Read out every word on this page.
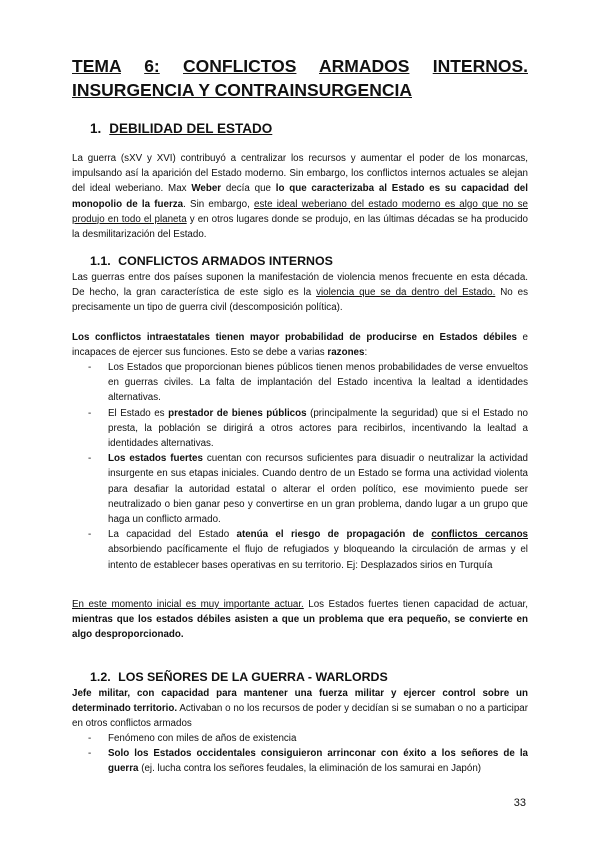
TEMA 6: CONFLICTOS ARMADOS INTERNOS.
INSURGENCIA Y CONTRAINSURGENCIA
1. DEBILIDAD DEL ESTADO
La guerra (sXV y XVI) contribuyó a centralizar los recursos y aumentar el poder de los monarcas, impulsando así la aparición del Estado moderno. Sin embargo, los conflictos internos actuales se alejan del ideal weberiano. Max Weber decía que lo que caracterizaba al Estado es su capacidad del monopolio de la fuerza. Sin embargo, este ideal weberiano del estado moderno es algo que no se produjo en todo el planeta y en otros lugares donde se produjo, en las últimas décadas se ha producido la desmilitarización del Estado.
1.1. CONFLICTOS ARMADOS INTERNOS
Las guerras entre dos países suponen la manifestación de violencia menos frecuente en esta década. De hecho, la gran característica de este siglo es la violencia que se da dentro del Estado. No es precisamente un tipo de guerra civil (descomposición política).
Los conflictos intraestatales tienen mayor probabilidad de producirse en Estados débiles e incapaces de ejercer sus funciones. Esto se debe a varias razones:
- Los Estados que proporcionan bienes públicos tienen menos probabilidades de verse envueltos en guerras civiles. La falta de implantación del Estado incentiva la lealtad a identidades alternativas.
- El Estado es prestador de bienes públicos (principalmente la seguridad) que si el Estado no presta, la población se dirigirá a otros actores para recibirlos, incentivando la lealtad a identidades alternativas.
- Los estados fuertes cuentan con recursos suficientes para disuadir o neutralizar la actividad insurgente en sus etapas iniciales. Cuando dentro de un Estado se forma una actividad violenta para desafiar la autoridad estatal o alterar el orden político, ese movimiento puede ser neutralizado o bien ganar peso y convertirse en un gran problema, dando lugar a un grupo que haga un conflicto armado.
- La capacidad del Estado atenúa el riesgo de propagación de conflictos cercanos absorbiendo pacíficamente el flujo de refugiados y bloqueando la circulación de armas y el intento de establecer bases operativas en su territorio. Ej: Desplazados sirios en Turquía
En este momento inicial es muy importante actuar. Los Estados fuertes tienen capacidad de actuar, mientras que los estados débiles asisten a que un problema que era pequeño, se convierte en algo desproporcionado.
1.2. LOS SEÑORES DE LA GUERRA - WARLORDS
Jefe militar, con capacidad para mantener una fuerza militar y ejercer control sobre un determinado territorio. Activaban o no los recursos de poder y decidían si se sumaban o no a participar en otros conflictos armados
- Fenómeno con miles de años de existencia
- Solo los Estados occidentales consiguieron arrinconar con éxito a los señores de la guerra (ej. lucha contra los señores feudales, la eliminación de los samurai en Japón)
33
